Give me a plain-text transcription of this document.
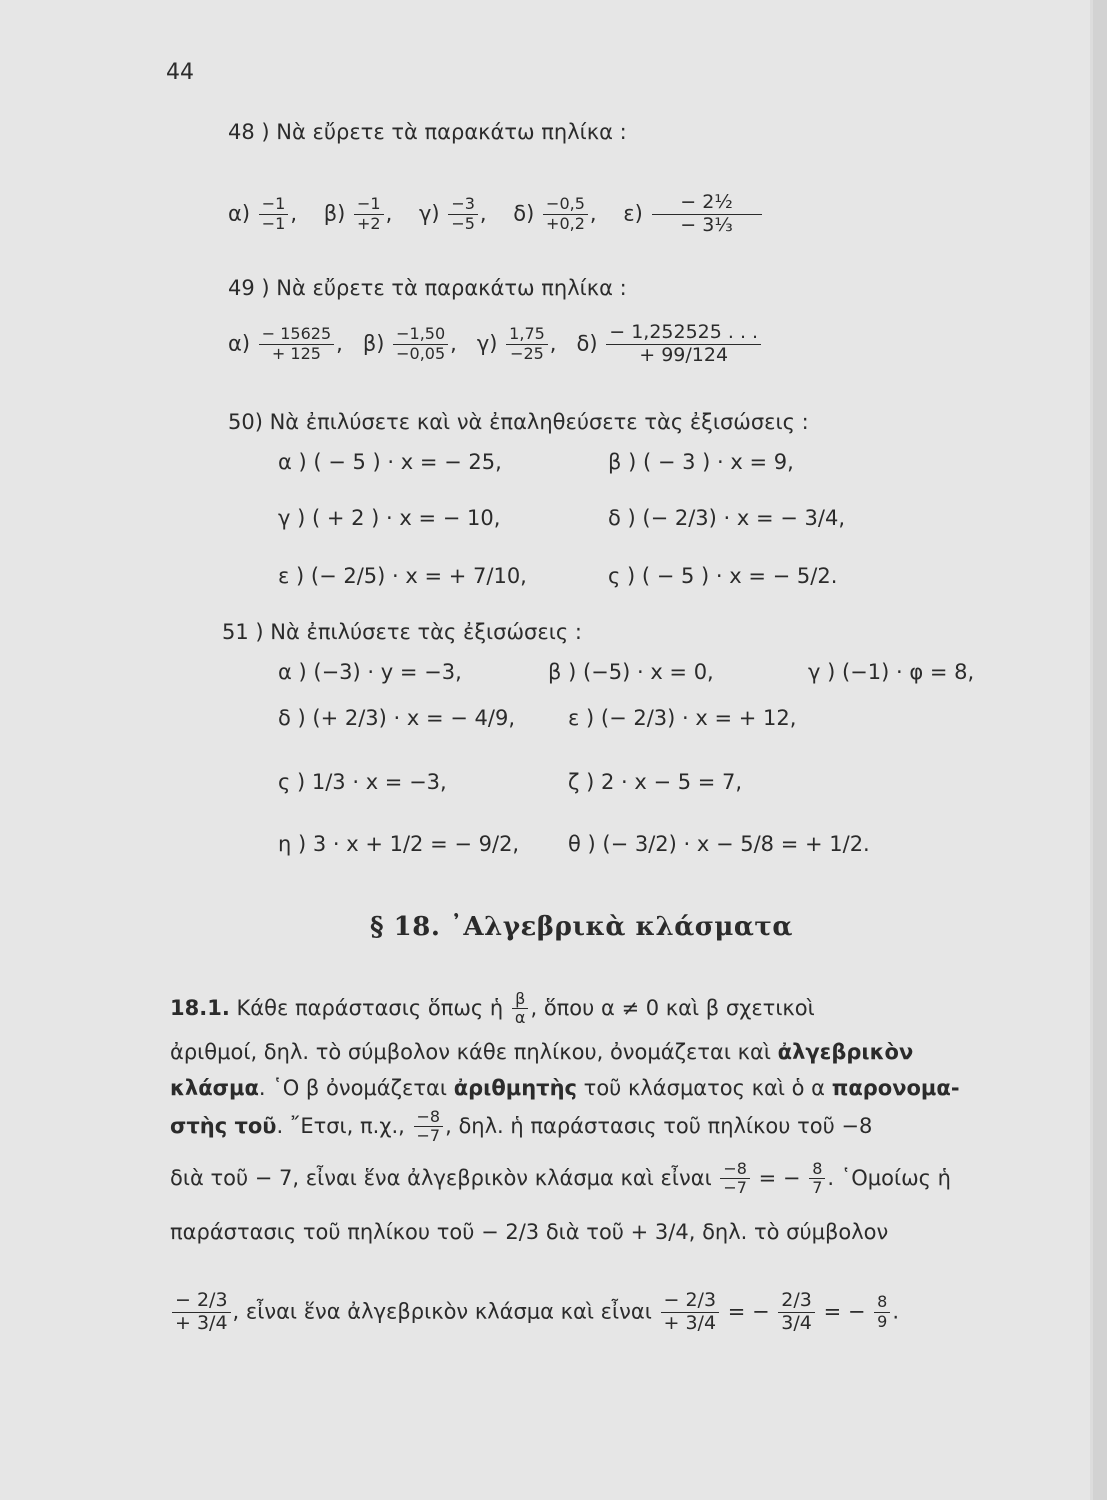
44
48 ) Νὰ εὔρετε τὰ παρακάτω πηλίκα :
$\alpha) \frac{-1}{-1}$ ,    $\beta) \frac{-1}{+2}$ ,    $\gamma) \frac{-3}{-5}$ ,    $\delta) \frac{-0,5}{+0,2}$ ,    $\varepsilon) \frac{\text{− 2½}}{\text{− 3⅓}}$
49 ) Νὰ εὔρετε τὰ παρακάτω πηλίκα :
$\alpha) \frac{- 15625}{+ 125}$ ,   $\beta) \frac{-1,50}{-0,05}$ ,   $\gamma) \frac{1,75}{-25}$ ,   $\delta) \frac{- 1,252525 . . .}{+ 99/124}$
50) Νὰ ἐπιλύσετε καὶ νὰ ἐπαληθεύσετε τὰς ἐξισώσεις :
α ) ( − 5 ) · x = − 25,	β ) ( − 3 ) · x = 9,
γ ) ( + 2 ) · x = − 10,	δ ) (− 2/3) · x = − 3/4,
ε ) (− 2/5) · x = + 7/10,	ς ) ( − 5 ) · x = − 5/2.
51 ) Νὰ ἐπιλύσετε τὰς ἐξισώσεις :
α ) (−3) · y = −3,	β ) (−5) · x = 0,	γ ) (−1) · φ = 8,
δ ) (+ 2/3) · x = − 4/9,	ε ) (− 2/3) · x = + 12,
ς ) 1/3 · x = −3,	ζ ) 2 · x − 5 = 7,
η ) 3 · x + 1/2 = − 9/2, θ ) (− 3/2) · x − 5/8 = + 1/2.
§ 18. ᾽Αλγεβρικὰ κλάσματα
18.1. Κάθε παράστασις ὅπως ἡ $\frac{\beta}{\alpha}$ , ὅπου α ≠ 0 καὶ β σχετικοὶ
ἀριθμοί, δηλ. τὸ σύμβολον κάθε πηλίκου, ὀνομάζεται καὶ ἀλγεβρικὸν
κλάσμα. ῾Ο β ὀνομάζεται ἀριθμητὴς τοῦ κλάσματος καὶ ὁ α παρονομα-
στὴς τοῦ. ῎Ετσι, π.χ., $\frac{-8}{-7}$ , δηλ. ἡ παράστασις τοῦ πηλίκου τοῦ −8
διὰ τοῦ − 7, εἶναι ἕνα ἀλγεβρικὸν κλάσμα καὶ εἶναι $\frac{-8}{-7}$ = − $\frac{8}{7}$ . ῾Ομοίως ἡ
παράστασις τοῦ πηλίκου τοῦ − 2/3 διὰ τοῦ + 3/4, δηλ. τὸ σύμβολον
$\frac{- 2/3}{+ 3/4}$ , εἶναι ἕνα ἀλγεβρικὸν κλάσμα καὶ εἶναι $\frac{- 2/3}{+ 3/4}$ = − $\frac{2/3}{3/4}$ = − $\frac{8}{9}$ .
